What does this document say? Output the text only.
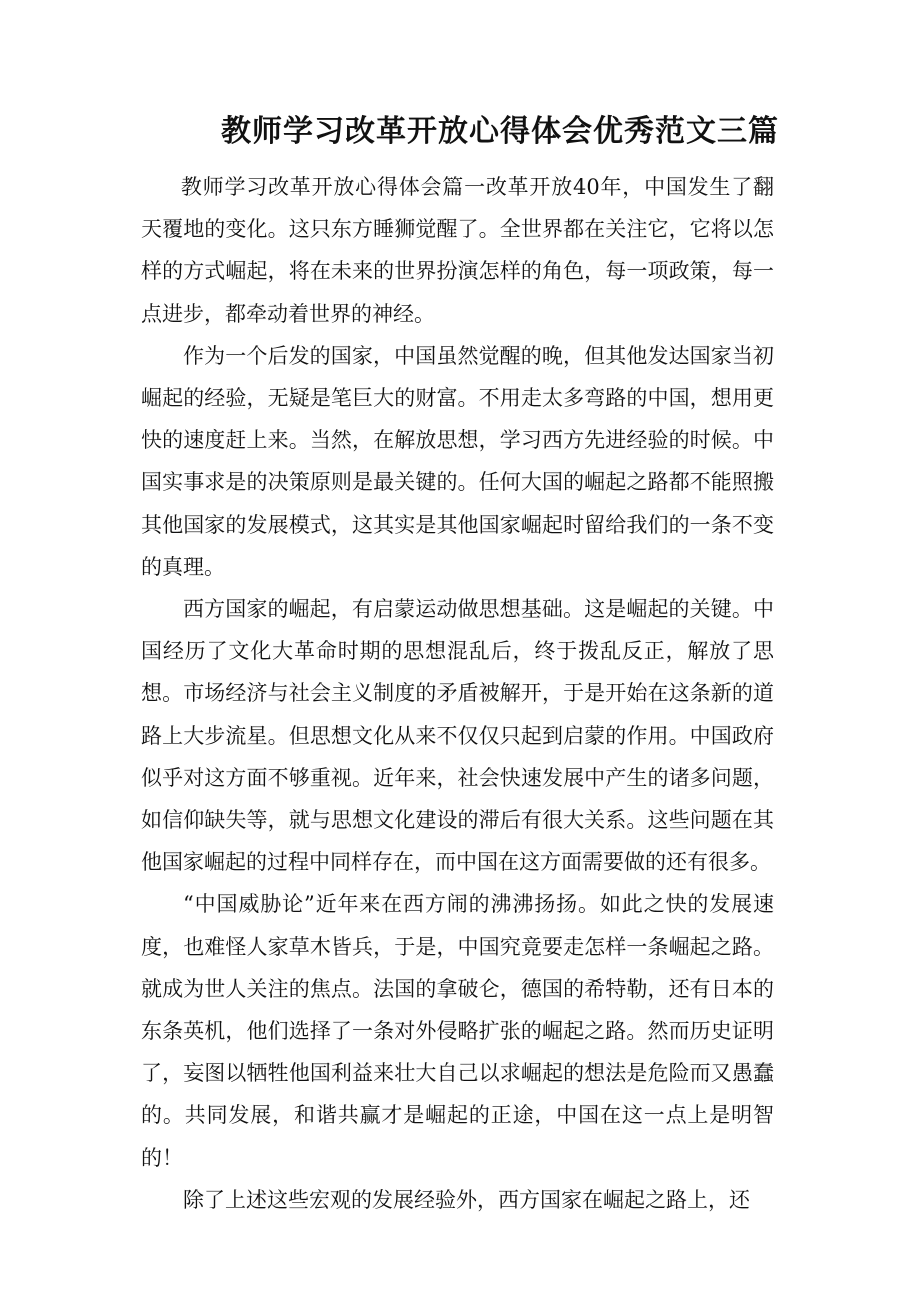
教师学习改革开放心得体会优秀范文三篇

教师学习改革开放心得体会篇一改革开放40年，中国发生了翻天覆地的变化。这只东方睡狮觉醒了。全世界都在关注它，它将以怎样的方式崛起，将在未来的世界扮演怎样的角色，每一项政策，每一点进步，都牵动着世界的神经。

作为一个后发的国家，中国虽然觉醒的晚，但其他发达国家当初崛起的经验，无疑是笔巨大的财富。不用走太多弯路的中国，想用更快的速度赶上来。当然，在解放思想，学习西方先进经验的时候。中国实事求是的决策原则是最关键的。任何大国的崛起之路都不能照搬其他国家的发展模式，这其实是其他国家崛起时留给我们的一条不变的真理。

西方国家的崛起，有启蒙运动做思想基础。这是崛起的关键。中国经历了文化大革命时期的思想混乱后，终于拨乱反正，解放了思想。市场经济与社会主义制度的矛盾被解开，于是开始在这条新的道路上大步流星。但思想文化从来不仅仅只起到启蒙的作用。中国政府似乎对这方面不够重视。近年来，社会快速发展中产生的诸多问题，如信仰缺失等，就与思想文化建设的滞后有很大关系。这些问题在其他国家崛起的过程中同样存在，而中国在这方面需要做的还有很多。

“中国威胁论”近年来在西方闹的沸沸扬扬。如此之快的发展速度，也难怪人家草木皆兵，于是，中国究竟要走怎样一条崛起之路。就成为世人关注的焦点。法国的拿破仑，德国的希特勒，还有日本的东条英机，他们选择了一条对外侵略扩张的崛起之路。然而历史证明了，妄图以牺牲他国利益来壮大自己以求崛起的想法是危险而又愚蠢的。共同发展，和谐共赢才是崛起的正途，中国在这一点上是明智的！

除了上述这些宏观的发展经验外，西方国家在崛起之路上，还
